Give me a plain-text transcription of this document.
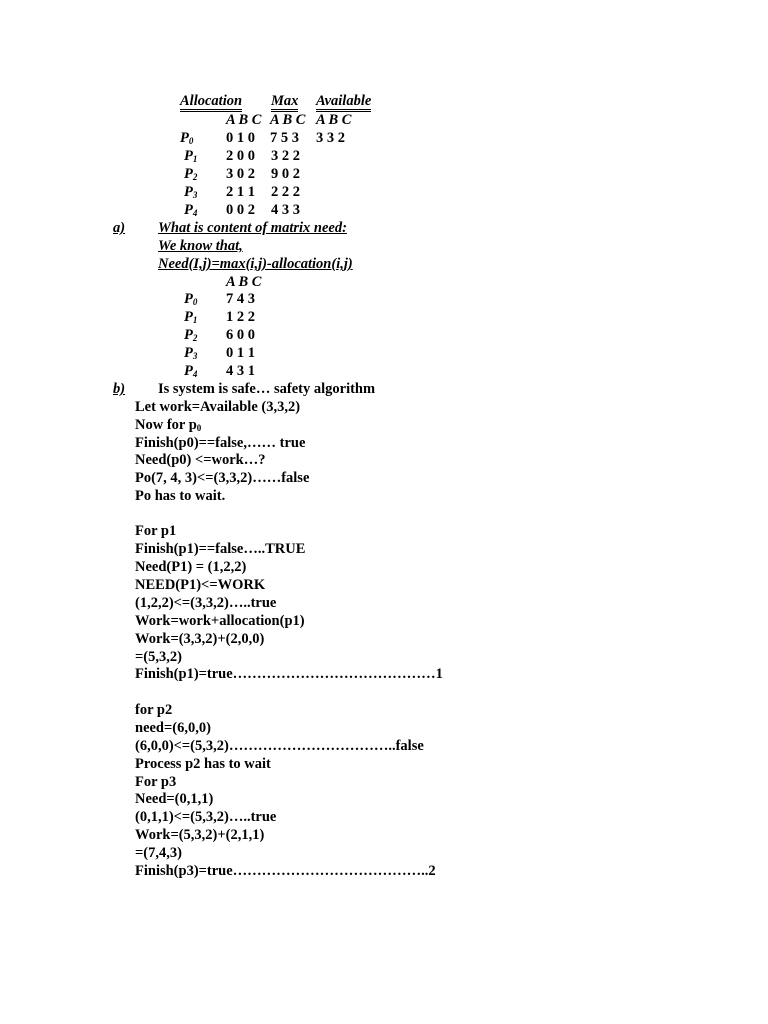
Allocation Max Available
A B C A B C A B C
$P_0$ 0 1 0 7 5 3 3 3 2
$P_1$ 2 0 0 3 2 2
$P_2$ 3 0 2 9 0 2
$P_3$ 2 1 1 2 2 2
$P_4$ 0 0 2 4 3 3
a) What is content of matrix need:
We know that,
Need(I,j)=max(i,j)-allocation(i,j)
A B C
$P_0$ 7 4 3
$P_1$ 1 2 2
$P_2$ 6 0 0
$P_3$ 0 1 1
$P_4$ 4 3 1
b) Is system is safe… safety algorithm
Let work=Available (3,3,2)
Now for $p_0$
Finish(p0)==false,…… true
Need(p0) <=work…?
Po(7, 4, 3)<=(3,3,2)……false
Po has to wait.
For p1
Finish(p1)==false…..TRUE
Need(P1) = (1,2,2)
NEED(P1)<=WORK
(1,2,2)<=(3,3,2)…..true
Work=work+allocation(p1)
Work=(3,3,2)+(2,0,0)
=(5,3,2)
Finish(p1)=true……………………………………1
for p2
need=(6,0,0)
(6,0,0)<=(5,3,2)……………………………..false
Process p2 has to wait
For p3
Need=(0,1,1)
(0,1,1)<=(5,3,2)…..true
Work=(5,3,2)+(2,1,1)
=(7,4,3)
Finish(p3)=true…………………………………..2
